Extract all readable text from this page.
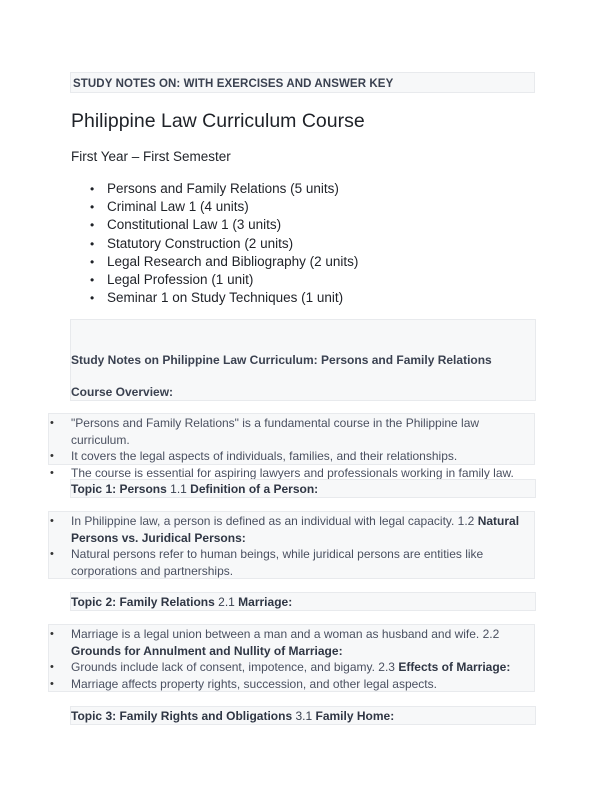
STUDY NOTES ON: WITH EXERCISES AND ANSWER KEY
Philippine Law Curriculum Course
First Year – First Semester
• Persons and Family Relations (5 units)
• Criminal Law 1 (4 units)
• Constitutional Law 1 (3 units)
• Statutory Construction (2 units)
• Legal Research and Bibliography (2 units)
• Legal Profession (1 unit)
• Seminar 1 on Study Techniques (1 unit)
Study Notes on Philippine Law Curriculum: Persons and Family Relations
Course Overview:
• "Persons and Family Relations" is a fundamental course in the Philippine law curriculum.
• It covers the legal aspects of individuals, families, and their relationships.
• The course is essential for aspiring lawyers and professionals working in family law.
Topic 1: Persons 1.1 Definition of a Person:
• In Philippine law, a person is defined as an individual with legal capacity. 1.2 Natural Persons vs. Juridical Persons:
• Natural persons refer to human beings, while juridical persons are entities like corporations and partnerships.
Topic 2: Family Relations 2.1 Marriage:
• Marriage is a legal union between a man and a woman as husband and wife. 2.2 Grounds for Annulment and Nullity of Marriage:
• Grounds include lack of consent, impotence, and bigamy. 2.3 Effects of Marriage:
• Marriage affects property rights, succession, and other legal aspects.
Topic 3: Family Rights and Obligations 3.1 Family Home:
